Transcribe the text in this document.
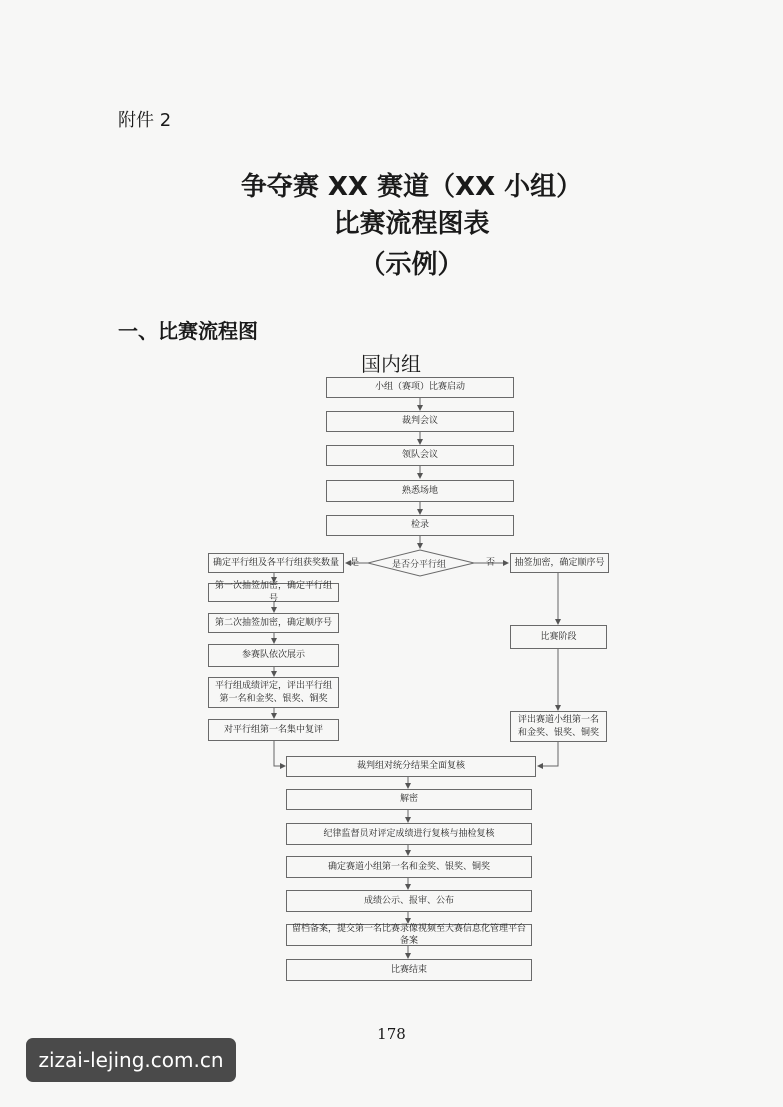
附件 2
争夺赛 XX 赛道（XX 小组）
比赛流程图表
（示例）
一、比赛流程图
国内组
小组（赛项）比赛启动
裁判会议
领队会议
熟悉场地
检录
是否分平行组
是	否
确定平行组及各平行组获奖数量
第一次抽签加密，确定平行组号
第二次抽签加密，确定顺序号
参赛队依次展示
平行组成绩评定，评出平行组第一名和金奖、银奖、铜奖
对平行组第一名集中复评
抽签加密，确定顺序号
比赛阶段
评出赛道小组第一名和金奖、银奖、铜奖
裁判组对统分结果全面复核
解密
纪律监督员对评定成绩进行复核与抽检复核
确定赛道小组第一名和金奖、银奖、铜奖
成绩公示、报审、公布
留档备案，提交第一名比赛录像视频至大赛信息化管理平台备案
比赛结束
178
zizai-lejing.com.cn
